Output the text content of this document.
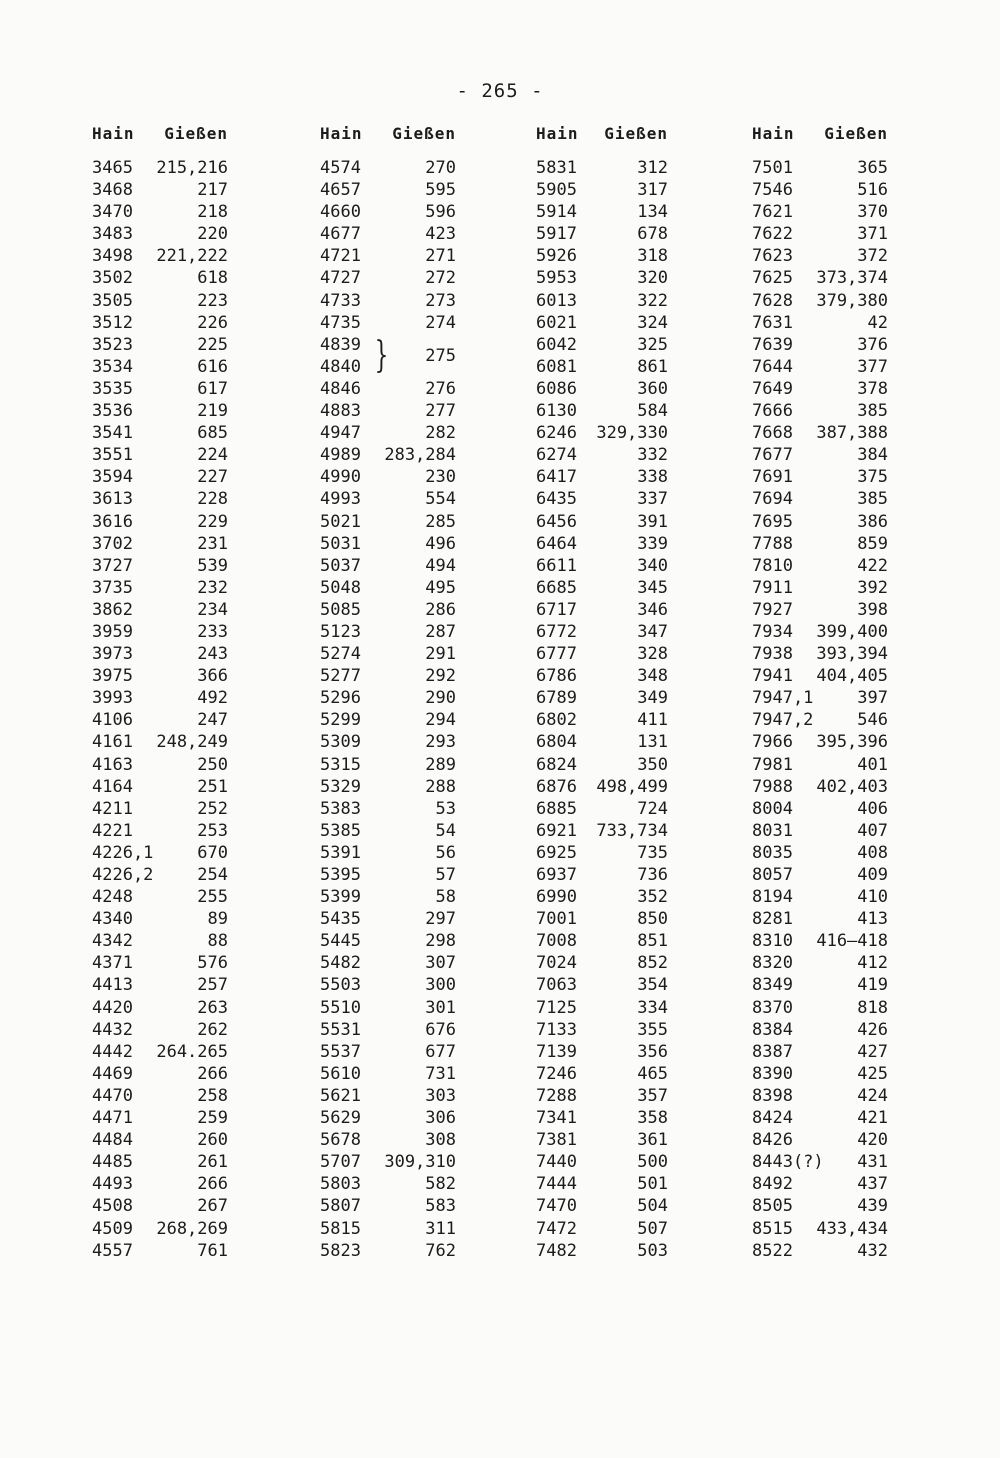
- 265 -
Hain Gießen
3465 215,216
3468	217
3470	218
3483	220
3498 221,222
3502	618
3505	223
3512	226
3523	225
3534	616
3535	617
3536	219
3541	685
3551	224
3594	227
3613	228
3616	229
3702	231
3727	539
3735	232
3862	234
3959	233
3973	243
3975	366
3993	492
4106	247
4161 248,249
4163	250
4164	251
4211	252
4221	253
4226,1	670
4226,2	254
4248	255
4340	89
4342	88
4371	576
4413	257
4420	263
4432	262
4442 264.265
4469	266
4470	258
4471	259
4484	260
4485	261
4493	266
4508	267
4509 268,269
4557	761
Hain Gießen
4574	270
4657	595
4660	596
4677	423
4721	271
4727	272
4733	273
4735	274
4839
4840 } 275
4846	276
4883	277
4947	282
4989 283,284
4990	230
4993	554
5021	285
5031	496
5037	494
5048	495
5085	286
5123	287
5274	291
5277	292
5296	290
5299	294
5309	293
5315	289
5329	288
5383	53
5385	54
5391	56
5395	57
5399	58
5435	297
5445	298
5482	307
5503	300
5510	301
5531	676
5537	677
5610	731
5621	303
5629	306
5678	308
5707 309,310
5803	582
5807	583
5815	311
5823	762
Hain Gießen
5831	312
5905	317
5914	134
5917	678
5926	318
5953	320
6013	322
6021	324
6042	325
6081	861
6086	360
6130	584
6246 329,330
6274	332
6417	338
6435	337
6456	391
6464	339
6611	340
6685	345
6717	346
6772	347
6777	328
6786	348
6789	349
6802	411
6804	131
6824	350
6876 498,499
6885	724
6921 733,734
6925	735
6937	736
6990	352
7001	850
7008	851
7024	852
7063	354
7125	334
7133	355
7139	356
7246	465
7288	357
7341	358
7381	361
7440	500
7444	501
7470	504
7472	507
7482	503
Hain Gießen
7501	365
7546	516
7621	370
7622	371
7623	372
7625 373,374
7628 379,380
7631	42
7639	376
7644	377
7649	378
7666	385
7668 387,388
7677	384
7691	375
7694	385
7695	386
7788	859
7810	422
7911	392
7927	398
7934 399,400
7938 393,394
7941 404,405
7947,1	397
7947,2	546
7966 395,396
7981	401
7988 402,403
8004	406
8031	407
8035	408
8057	409
8194	410
8281	413
8310 416–418
8320	412
8349	419
8370	818
8384	426
8387	427
8390	425
8398	424
8424	421
8426	420
8443(?) 431
8492	437
8505	439
8515 433,434
8522	432
